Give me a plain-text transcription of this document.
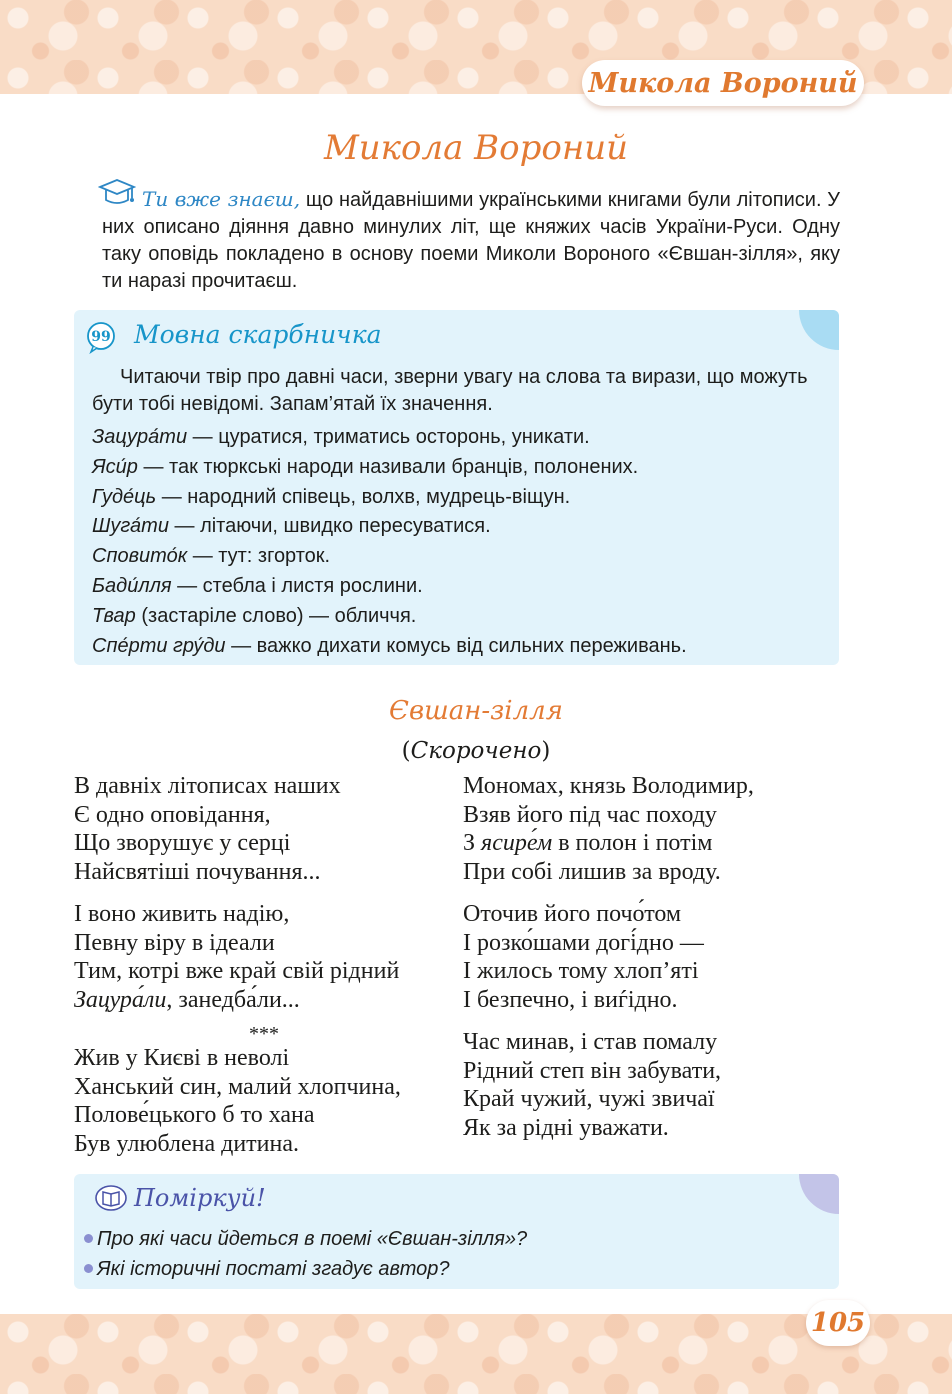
Микола Вороний
Микола Вороний
Ти вже знаєш, що найдавнішими українськими книгами були літописи. У них описано діяння давно минулих літ, ще княжих часів України-Руси. Одну таку оповідь покладено в основу поеми Миколи Вороного «Євшан-зілля», яку ти наразі прочитаєш.
99 Мовна скарбничка
Читаючи твір про давні часи, зверни увагу на слова та вирази, що можуть бути тобі невідомі. Запам’ятай їх значення.
Зацура́ти — цуратися, триматись осторонь, уникати.
Яси́р — так тюркські народи називали бранців, полонених.
Гуде́ць — народний співець, волхв, мудрець-віщун.
Шуга́ти — літаючи, швидко пересуватися.
Сповито́к — тут: згорток.
Бади́лля — стебла і листя рослини.
Твар (застаріле слово) — обличчя.
Спе́рти гру́ди — важко дихати комусь від сильних переживань.
Євшан-зілля
(Скорочено)
В давніх літописах наших
Є одно оповідання,
Що зворушує у серці
Найсвятіші почування...
І воно живить надію,
Певну віру в ідеали
Тим, котрі вже край свій рідний
Зацура́ли, занедба́ли...
***
Жив у Києві в неволі
Ханський син, малий хлопчина,
Полове́цького б то хана
Був улюблена дитина.
Мономах, князь Володимир,
Взяв його під час походу
З ясире́м в полон і потім
При собі лишив за вроду.
Оточив його почо́том
І розко́шами догі́дно —
І жилось тому хлоп’яті
І безпечно, і виѓідно.
Час минав, і став помалу
Рідний степ він забувати,
Край чужий, чужі звичаї
Як за рідні уважати.
Поміркуй!
Про які часи йдеться в поемі «Євшан-зілля»?
Які історичні постаті згадує автор?
105
